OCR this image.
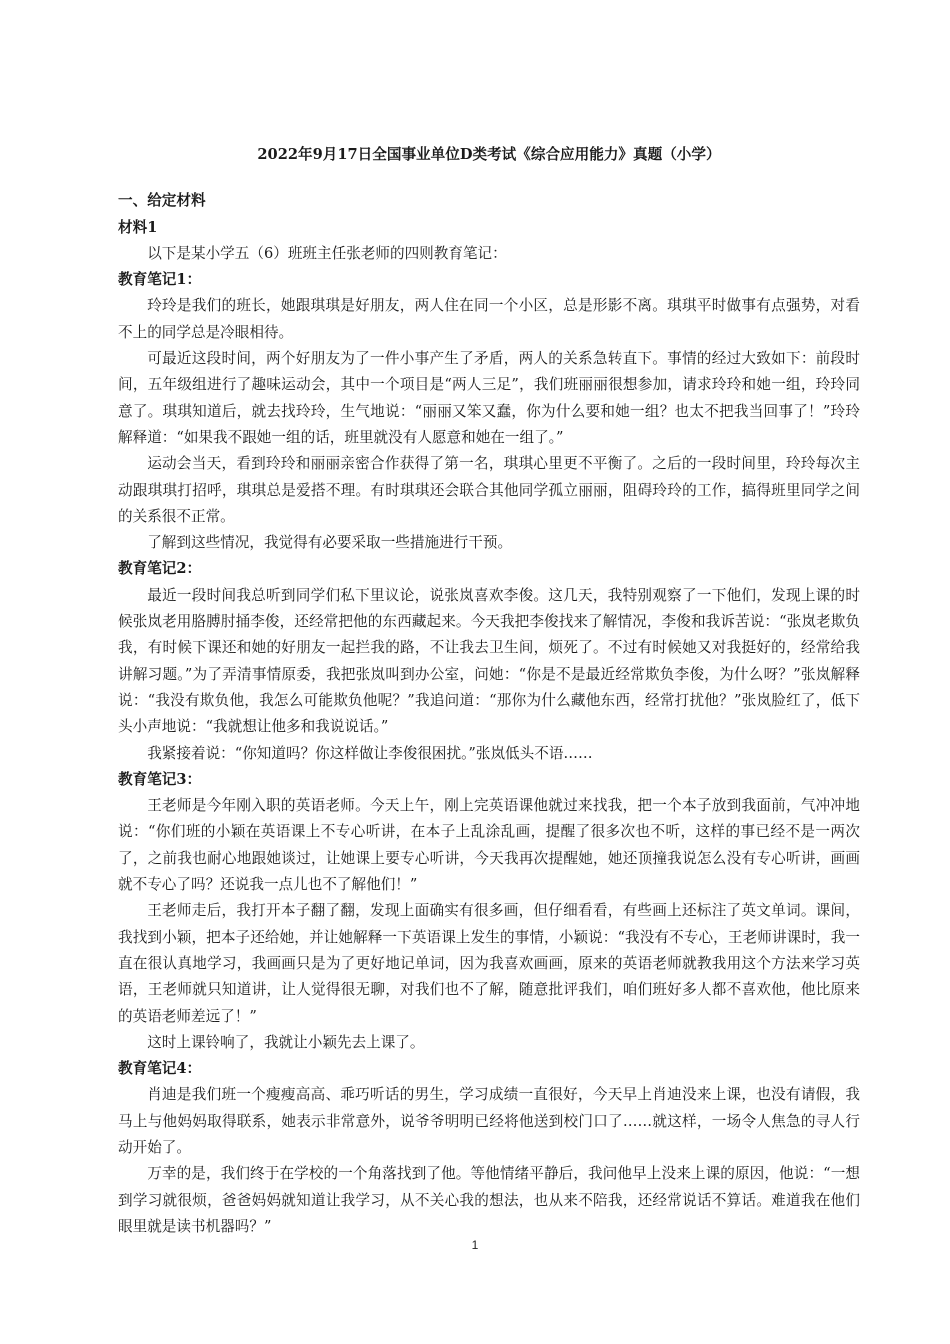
2022年9月17日全国事业单位D类考试《综合应用能力》真题（小学）
一、给定材料
材料1

以下是某小学五（6）班班主任张老师的四则教育笔记：

教育笔记1：

玲玲是我们的班长，她跟琪琪是好朋友，两人住在同一个小区，总是形影不离。琪琪平时做事有点强势，对看不上的同学总是冷眼相待。

可最近这段时间，两个好朋友为了一件小事产生了矛盾，两人的关系急转直下。事情的经过大致如下：前段时间，五年级组进行了趣味运动会，其中一个项目是“两人三足”，我们班丽丽很想参加，请求玲玲和她一组，玲玲同意了。琪琪知道后，就去找玲玲，生气地说：“丽丽又笨又蠢，你为什么要和她一组？也太不把我当回事了！”玲玲解释道：“如果我不跟她一组的话，班里就没有人愿意和她在一组了。”

运动会当天，看到玲玲和丽丽亲密合作获得了第一名，琪琪心里更不平衡了。之后的一段时间里，玲玲每次主动跟琪琪打招呼，琪琪总是爱搭不理。有时琪琪还会联合其他同学孤立丽丽，阻碍玲玲的工作，搞得班里同学之间的关系很不正常。

了解到这些情况，我觉得有必要采取一些措施进行干预。

教育笔记2：

最近一段时间我总听到同学们私下里议论，说张岚喜欢李俊。这几天，我特别观察了一下他们，发现上课的时候张岚老用胳膊肘捅李俊，还经常把他的东西藏起来。今天我把李俊找来了解情况，李俊和我诉苦说：“张岚老欺负我，有时候下课还和她的好朋友一起拦我的路，不让我去卫生间，烦死了。不过有时候她又对我挺好的，经常给我讲解习题。”为了弄清事情原委，我把张岚叫到办公室，问她：“你是不是最近经常欺负李俊，为什么呀？”张岚解释说：“我没有欺负他，我怎么可能欺负他呢？”我追问道：“那你为什么藏他东西，经常打扰他？”张岚脸红了，低下头小声地说：“我就想让他多和我说说话。”

我紧接着说：“你知道吗？你这样做让李俊很困扰。”张岚低头不语……

教育笔记3：

王老师是今年刚入职的英语老师。今天上午，刚上完英语课他就过来找我，把一个本子放到我面前，气冲冲地说：“你们班的小颖在英语课上不专心听讲，在本子上乱涂乱画，提醒了很多次也不听，这样的事已经不是一两次了，之前我也耐心地跟她谈过，让她课上要专心听讲，今天我再次提醒她，她还顶撞我说怎么没有专心听讲，画画就不专心了吗？还说我一点儿也不了解他们！”

王老师走后，我打开本子翻了翻，发现上面确实有很多画，但仔细看看，有些画上还标注了英文单词。课间，我找到小颖，把本子还给她，并让她解释一下英语课上发生的事情，小颖说：“我没有不专心，王老师讲课时，我一直在很认真地学习，我画画只是为了更好地记单词，因为我喜欢画画，原来的英语老师就教我用这个方法来学习英语，王老师就只知道讲，让人觉得很无聊，对我们也不了解，随意批评我们，咱们班好多人都不喜欢他，他比原来的英语老师差远了！”

这时上课铃响了，我就让小颖先去上课了。

教育笔记4：

肖迪是我们班一个瘦瘦高高、乖巧听话的男生，学习成绩一直很好，今天早上肖迪没来上课，也没有请假，我马上与他妈妈取得联系，她表示非常意外，说爷爷明明已经将他送到校门口了……就这样，一场令人焦急的寻人行动开始了。

万幸的是，我们终于在学校的一个角落找到了他。等他情绪平静后，我问他早上没来上课的原因，他说：“一想到学习就很烦，爸爸妈妈就知道让我学习，从不关心我的想法，也从来不陪我，还经常说话不算话。难道我在他们眼里就是读书机器吗？”

1
